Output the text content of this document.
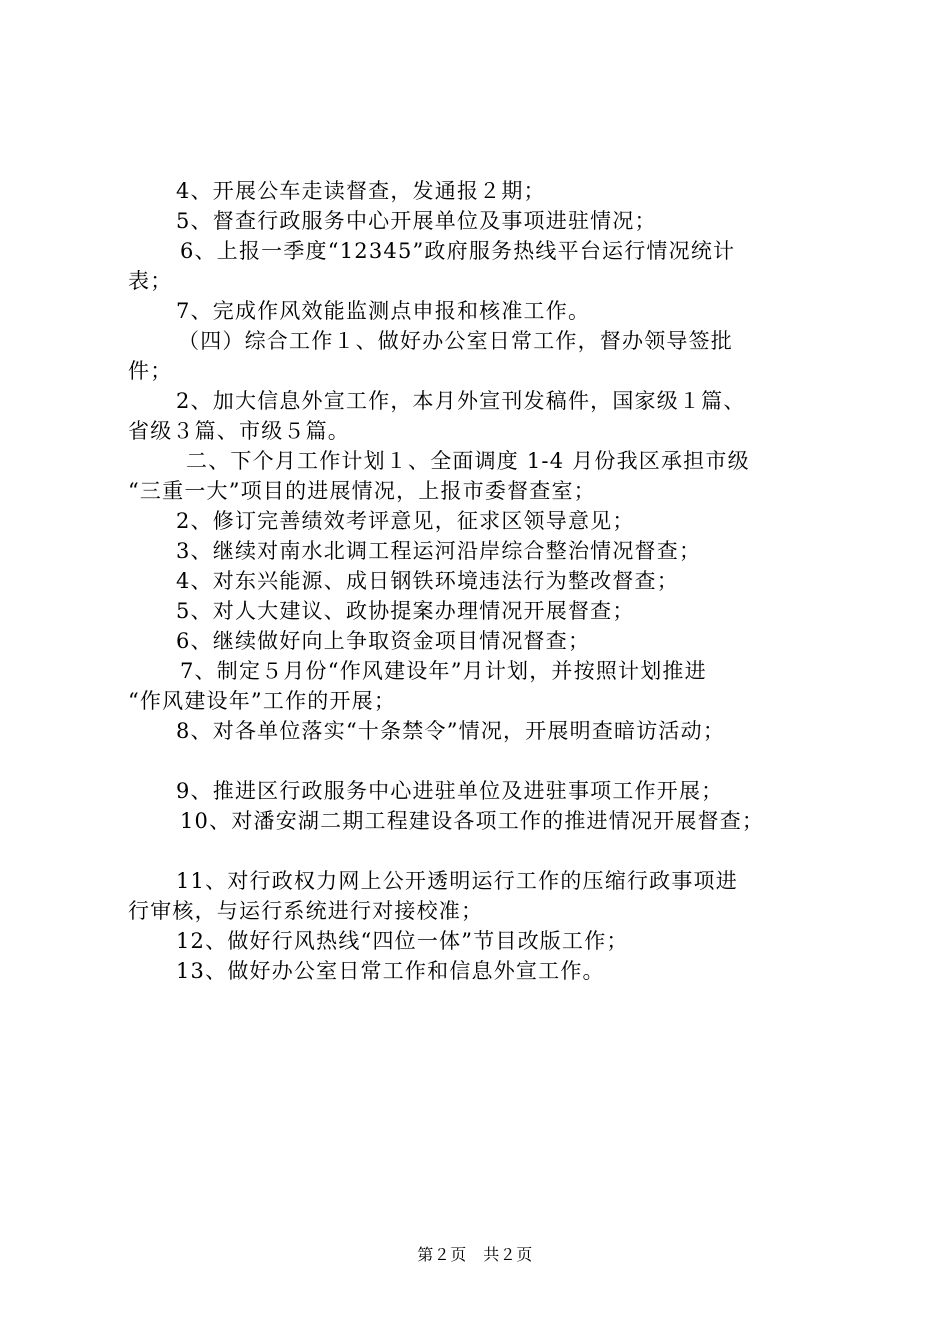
4、开展公车走读督查，发通报２期；
5、督查行政服务中心开展单位及事项进驻情况；
6、上报一季度“12345”政府服务热线平台运行情况统计
表；
7、完成作风效能监测点申报和核准工作。
（四）综合工作１、做好办公室日常工作，督办领导签批
件；
2、加大信息外宣工作，本月外宣刊发稿件，国家级１篇、
省级３篇、市级５篇。
二、下个月工作计划１、全面调度 1-4 月份我区承担市级
“三重一大”项目的进展情况，上报市委督查室；
2、修订完善绩效考评意见，征求区领导意见；
3、继续对南水北调工程运河沿岸综合整治情况督查；
4、对东兴能源、成日钢铁环境违法行为整改督查；
5、对人大建议、政协提案办理情况开展督查；
6、继续做好向上争取资金项目情况督查；
7、制定５月份“作风建设年”月计划，并按照计划推进
“作风建设年”工作的开展；
8、对各单位落实“十条禁令”情况，开展明查暗访活动；
9、推进区行政服务中心进驻单位及进驻事项工作开展；
10、对潘安湖二期工程建设各项工作的推进情况开展督查；
11、对行政权力网上公开透明运行工作的压缩行政事项进
行审核，与运行系统进行对接校准；
12、做好行风热线“四位一体”节目改版工作；
13、做好办公室日常工作和信息外宣工作。
第２页　共２页
